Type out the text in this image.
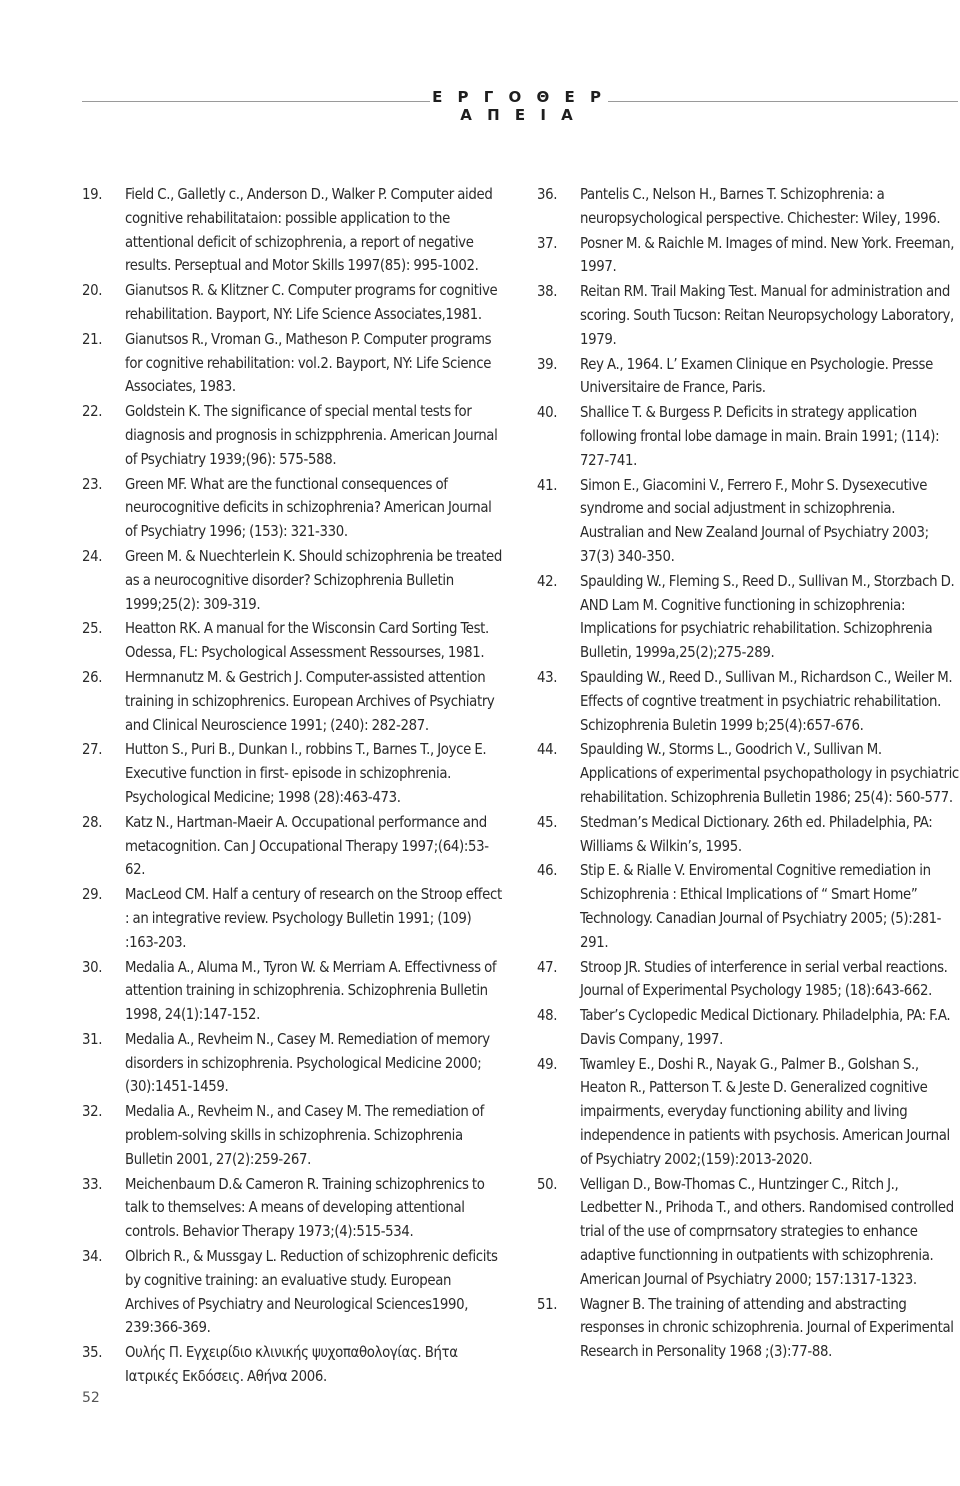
Ε Ρ Γ Ο Θ Ε Ρ Α Π Ε Ι Α
19. Field C., Galletly c., Anderson D., Walker P. Computer aided cognitive rehabilitataion: possible application to the attentional deficit of schizophrenia, a report of negative results. Perseptual and Motor Skills 1997(85): 995-1002.
20. Gianutsos R. & Klitzner C. Computer programs for cognitive rehabilitation. Bayport, NY: Life Science Associates,1981.
21. Gianutsos R., Vroman G., Matheson P. Computer programs for cognitive rehabilitation: vol.2. Bayport, NY: Life Science Associates, 1983.
22. Goldstein K. The significance of special mental tests for diagnosis and prognosis in schizpphrenia. American Journal of Psychiatry 1939;(96): 575-588.
23. Green MF. What are the functional consequences of neurocognitive deficits in schizophrenia? American Journal of Psychiatry 1996; (153): 321-330.
24. Green M. & Nuechterlein K. Should schizophrenia be treated as a neurocognitive disorder? Schizophrenia Bulletin 1999;25(2): 309-319.
25. Heatton RK. A manual for the Wisconsin Card Sorting Test. Odessa, FL: Psychological Assessment Ressourses, 1981.
26. Hermnanutz M. & Gestrich J. Computer-assisted attention training in schizophrenics. European Archives of Psychiatry and Clinical Neuroscience 1991; (240): 282-287.
27. Hutton S., Puri B., Dunkan I., robbins T., Barnes T., Joyce E. Executive function in first- episode in schizophrenia. Psychological Medicine; 1998 (28):463-473.
28. Katz N., Hartman-Maeir A. Occupational performance and metacognition. Can J Occupational Therapy 1997;(64):53-62.
29. MacLeod CM. Half a century of research on the Stroop effect : an integrative review. Psychology Bulletin 1991; (109) :163-203.
30. Medalia A., Aluma M., Tyron W. & Merriam A. Effectivness of attention training in schizophrenia. Schizophrenia Bulletin 1998, 24(1):147-152.
31. Medalia A., Revheim N., Casey M. Remediation of memory disorders in schizophrenia. Psychological Medicine 2000; (30):1451-1459.
32. Medalia A., Revheim N., and Casey M. The remediation of problem-solving skills in schizophrenia. Schizophrenia Bulletin 2001, 27(2):259-267.
33. Meichenbaum D.& Cameron R. Training schizophrenics to talk to themselves: A means of developing attentional controls. Behavior Therapy 1973;(4):515-534.
34. Olbrich R., & Mussgay L. Reduction of schizophrenic deficits by cognitive training: an evaluative study. European Archives of Psychiatry and Neurological Sciences1990, 239:366-369.
35. Ουλής Π. Εγχειρίδιο κλινικής ψυχοπαθολογίας. Βήτα Ιατρικές Εκδόσεις. Αθήνα 2006.
36. Pantelis C., Nelson H., Barnes T. Schizophrenia: a neuropsychological perspective. Chichester: Wiley, 1996.
37. Posner M. & Raichle M. Images of mind. New York. Freeman, 1997.
38. Reitan RM. Trail Making Test. Manual for administration and scoring. South Tucson: Reitan Neuropsychology Laboratory, 1979.
39. Rey A., 1964. L’ Examen Clinique en Psychologie. Presse Universitaire de France, Paris.
40. Shallice T. & Burgess P. Deficits in strategy application following frontal lobe damage in main. Brain 1991; (114): 727-741.
41. Simon E., Giacomini V., Ferrero F., Mohr S. Dysexecutive syndrome and social adjustment in schizophrenia. Australian and New Zealand Journal of Psychiatry 2003; 37(3) 340-350.
42. Spaulding W., Fleming S., Reed D., Sullivan M., Storzbach D. AND Lam M. Cognitive functioning in schizophrenia: Implications for psychiatric rehabilitation. Schizophrenia Bulletin, 1999a,25(2);275-289.
43. Spaulding W., Reed D., Sullivan M., Richardson C., Weiler M. Effects of cogntive treatment in psychiatric rehabilitation. Schizophrenia Buletin 1999 b;25(4):657-676.
44. Spaulding W., Storms L., Goodrich V., Sullivan M. Applications of experimental psychopathology in psychiatric rehabilitation. Schizophrenia Bulletin 1986; 25(4): 560-577.
45. Stedman’s Medical Dictionary. 26th ed. Philadelphia, PA: Williams & Wilkin’s, 1995.
46. Stip E. & Rialle V. Enviromental Cognitive remediation in Schizophrenia : Ethical Implications of “ Smart Home” Technology. Canadian Journal of Psychiatry 2005; (5):281-291.
47. Stroop JR. Studies of interference in serial verbal reactions. Journal of Experimental Psychology 1985; (18):643-662.
48. Taber’s Cyclopedic Medical Dictionary. Philadelphia, PA: F.A. Davis Company, 1997.
49. Twamley E., Doshi R., Nayak G., Palmer B., Golshan S., Heaton R., Patterson T. & Jeste D. Generalized cognitive impairments, everyday functioning ability and living independence in patients with psychosis. American Journal of Psychiatry 2002;(159):2013-2020.
50. Velligan D., Bow-Thomas C., Huntzinger C., Ritch J., Ledbetter N., Prihoda T., and others. Randomised controlled trial of the use of comprnsatory strategies to enhance adaptive functionning in outpatients with schizophrenia. American Journal of Psychiatry 2000; 157:1317-1323.
51. Wagner B. The training of attending and abstracting responses in chronic schizophrenia. Journal of Experimental Research in Personality 1968 ;(3):77-88.
52
